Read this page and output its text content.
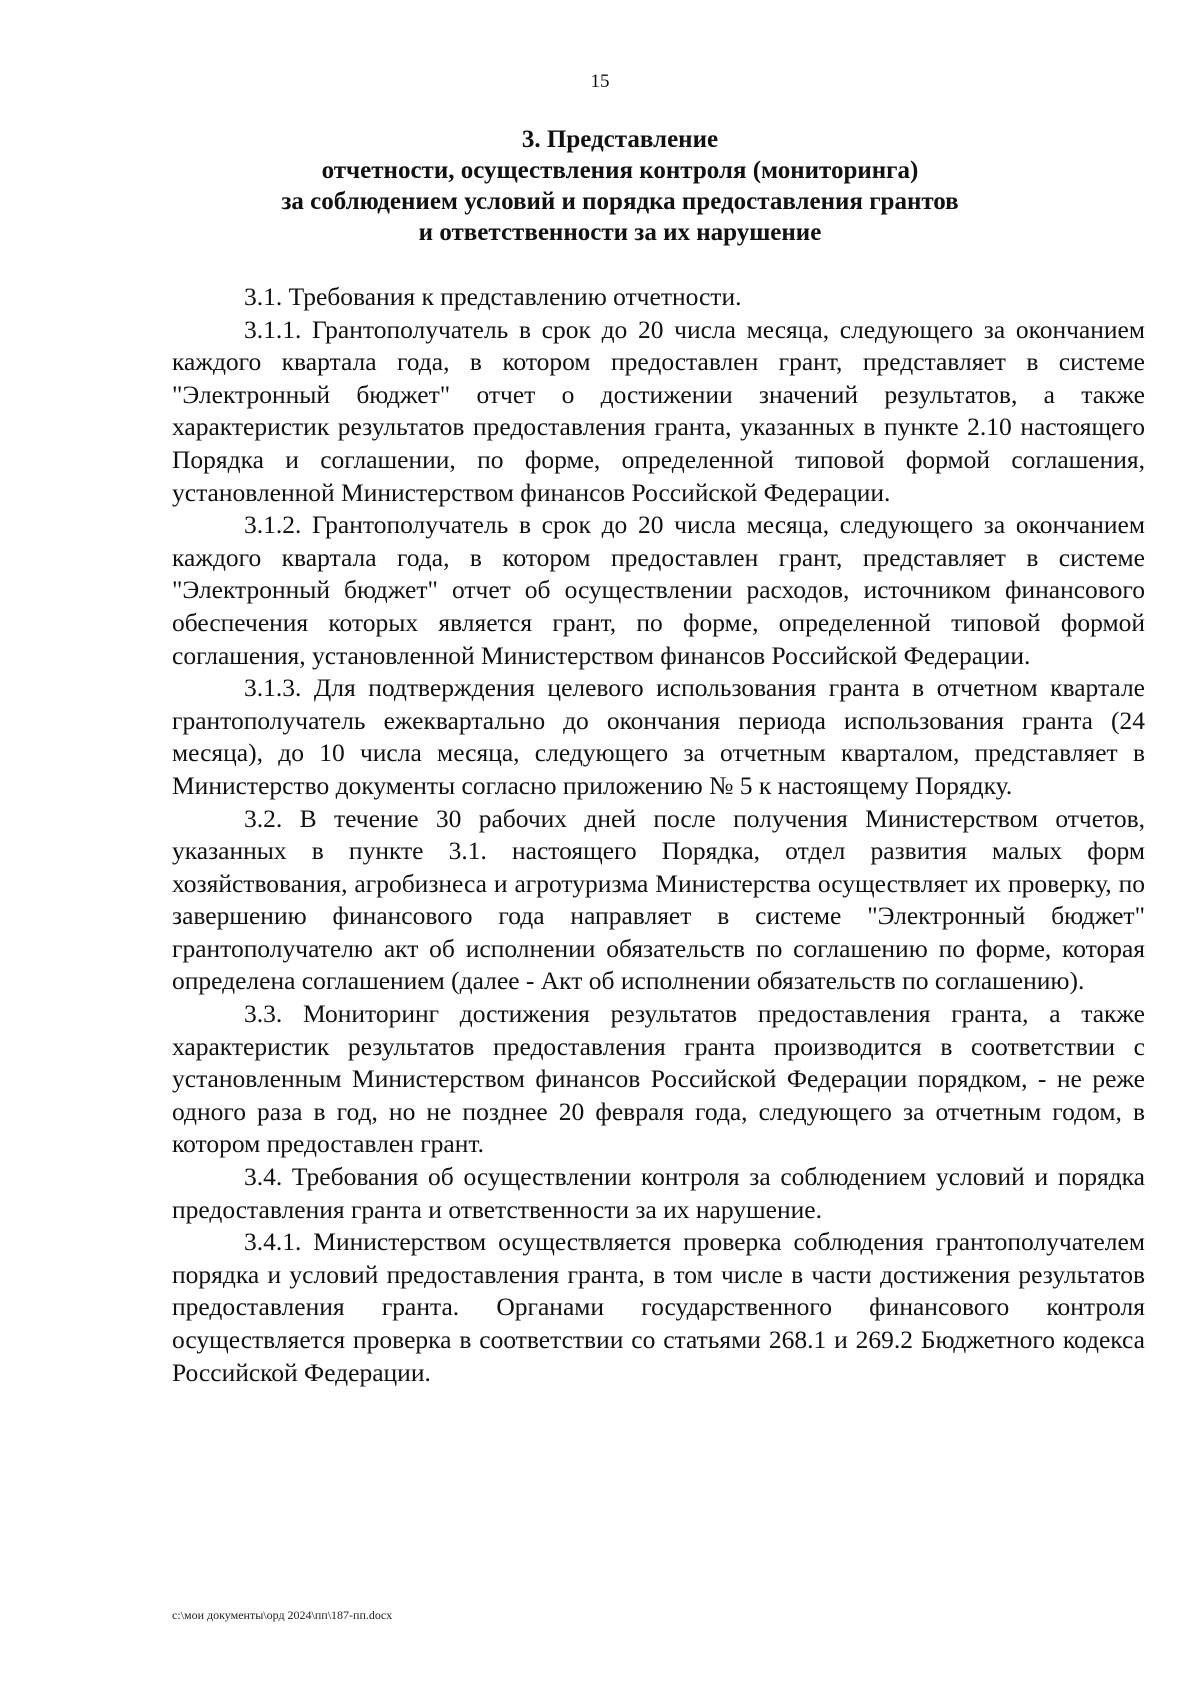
15
3. Представление
отчетности, осуществления контроля (мониторинга)
за соблюдением условий и порядка предоставления грантов
и ответственности за их нарушение

3.1. Требования к представлению отчетности.

3.1.1. Грантополучатель в срок до 20 числа месяца, следующего за окончанием каждого квартала года, в котором предоставлен грант, представляет в системе "Электронный бюджет" отчет о достижении значений результатов, а также характеристик результатов предоставления гранта, указанных в пункте 2.10 настоящего Порядка и соглашении, по форме, определенной типовой формой соглашения, установленной Министерством финансов Российской Федерации.

3.1.2. Грантополучатель в срок до 20 числа месяца, следующего за окончанием каждого квартала года, в котором предоставлен грант, представляет в системе "Электронный бюджет" отчет об осуществлении расходов, источником финансового обеспечения которых является грант, по форме, определенной типовой формой соглашения, установленной Министерством финансов Российской Федерации.

3.1.3. Для подтверждения целевого использования гранта в отчетном квартале грантополучатель ежеквартально до окончания периода использования гранта (24 месяца), до 10 числа месяца, следующего за отчетным кварталом, представляет в Министерство документы согласно приложению № 5 к настоящему Порядку.

3.2. В течение 30 рабочих дней после получения Министерством отчетов, указанных в пункте 3.1. настоящего Порядка, отдел развития малых форм хозяйствования, агробизнеса и агротуризма Министерства осуществляет их проверку, по завершению финансового года направляет в системе "Электронный бюджет" грантополучателю акт об исполнении обязательств по соглашению по форме, которая определена соглашением (далее - Акт об исполнении обязательств по соглашению).

3.3. Мониторинг достижения результатов предоставления гранта, а также характеристик результатов предоставления гранта производится в соответствии с установленным Министерством финансов Российской Федерации порядком, - не реже одного раза в год, но не позднее 20 февраля года, следующего за отчетным годом, в котором предоставлен грант.

3.4. Требования об осуществлении контроля за соблюдением условий и порядка предоставления гранта и ответственности за их нарушение.

3.4.1. Министерством осуществляется проверка соблюдения грантополучателем порядка и условий предоставления гранта, в том числе в части достижения результатов предоставления гранта. Органами государственного финансового контроля осуществляется проверка в соответствии со статьями 268.1 и 269.2 Бюджетного кодекса Российской Федерации.

c:\мои документы\орд 2024\пп\187-пп.docx
